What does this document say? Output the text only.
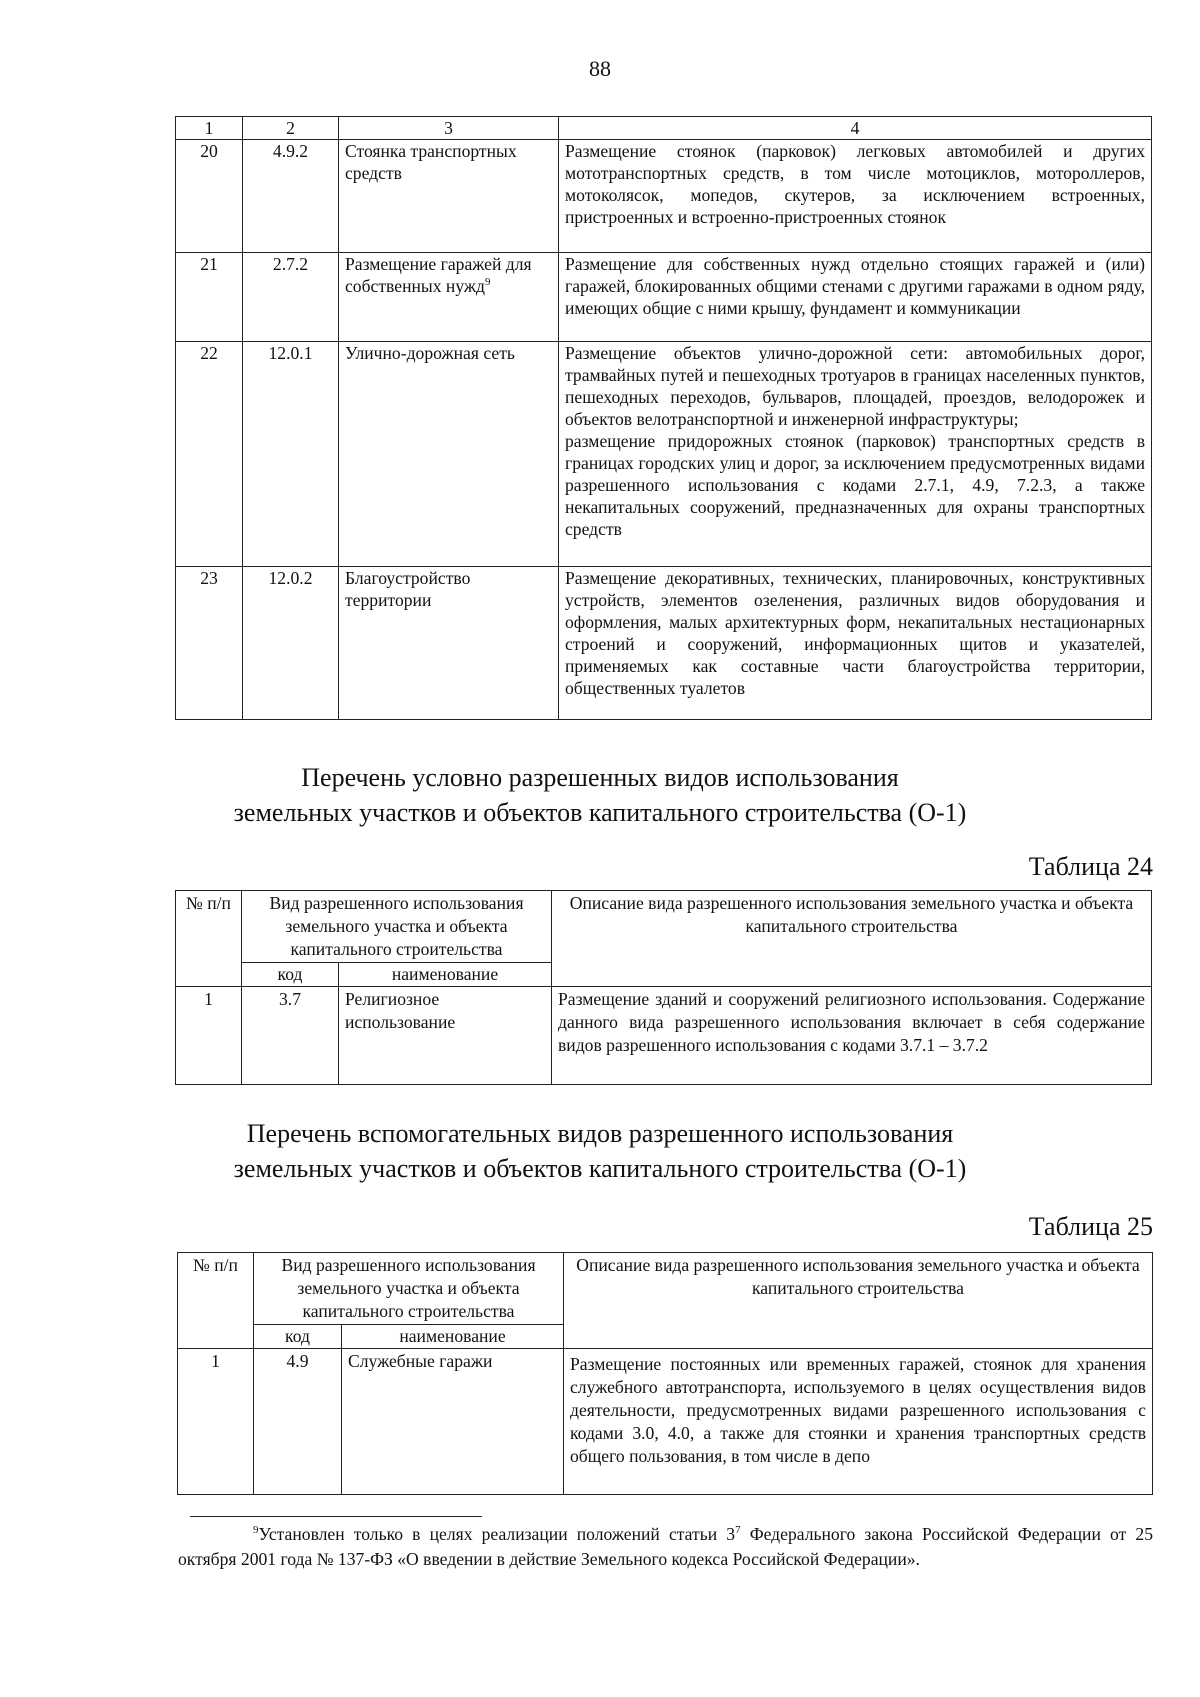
88
1	2	3	4
20	4.9.2	Стоянка транспортных средств	Размещение стоянок (парковок) легковых автомобилей и других мототранспортных средств, в том числе мотоциклов, мотороллеров, мотоколясок, мопедов, скутеров, за исключением встроенных, пристроенных и встроенно-пристроенных стоянок

21	2.7.2	Размещение гаражей для собственных нужд$^9$	Размещение для собственных нужд отдельно стоящих гаражей и (или) гаражей, блокированных общими стенами с другими гаражами в одном ряду, имеющих общие с ними крышу, фундамент и коммуникации

22	12.0.1	Улично-дорожная сеть	Размещение объектов улично-дорожной сети: автомобильных дорог, трамвайных путей и пешеходных тротуаров в границах населенных пунктов, пешеходных переходов, бульваров, площадей, проездов, велодорожек и объектов велотранспортной и инженерной инфраструктуры;

размещение придорожных стоянок (парковок) транспортных средств в границах городских улиц и дорог, за исключением предусмотренных видами разрешенного использования с кодами 2.7.1, 4.9, 7.2.3, а также некапитальных сооружений, предназначенных для охраны транспортных средств

23	12.0.2	Благоустройство территории	Размещение декоративных, технических, планировочных, конструктивных устройств, элементов озеленения, различных видов оборудования и оформления, малых архитектурных форм, некапитальных нестационарных строений и сооружений, информационных щитов и указателей, применяемых как составные части благоустройства территории, общественных туалетов

Перечень условно разрешенных видов использования
земельных участков и объектов капитального строительства (О-1)
Таблица 24
№ п/п	Вид разрешенного использования земельного участка и объекта капитального строительства		Описание вида разрешенного использования земельного участка и объекта капитального строительства
	код	наименование	
1	3.7	Религиозное использование	Размещение зданий и сооружений религиозного использования. Содержание данного вида разрешенного использования включает в себя содержание видов разрешенного использования с кодами 3.7.1 – 3.7.2
Перечень вспомогательных видов разрешенного использования
земельных участков и объектов капитального строительства (О-1)
Таблица 25
№ п/п	Вид разрешенного использования земельного участка и объекта капитального строительства		Описание вида разрешенного использования земельного участка и объекта капитального строительства
	код	наименование	
1	4.9	Служебные гаражи	Размещение постоянных или временных гаражей, стоянок для хранения служебного автотранспорта, используемого в целях осуществления видов деятельности, предусмотренных видами разрешенного использования с кодами 3.0, 4.0, а также для стоянки и хранения транспортных средств общего пользования, в том числе в депо
$^9$Установлен только в целях реализации положений статьи $3^7$ Федерального закона Российской Федерации от 25 октября 2001 года № 137-ФЗ «О введении в действие Земельного кодекса Российской Федерации».
